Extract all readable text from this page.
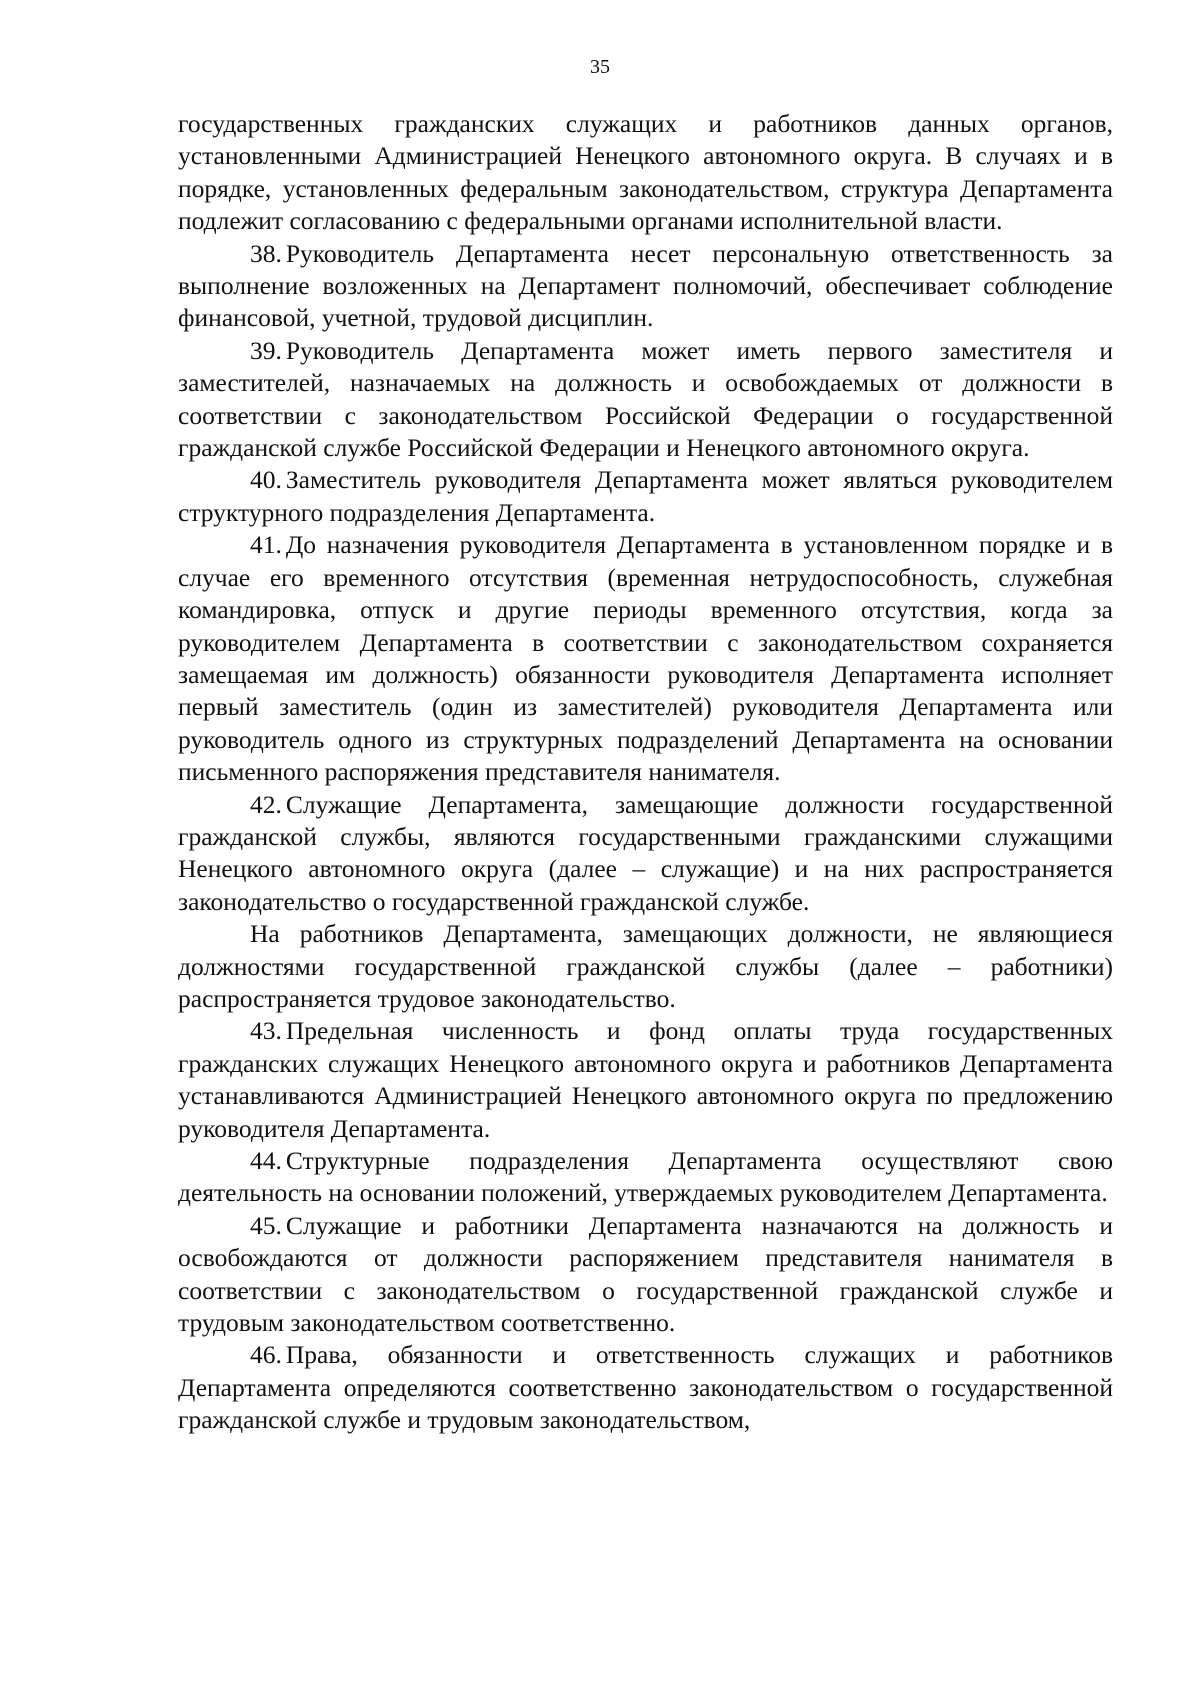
35

государственных гражданских служащих и работников данных органов, установленными Администрацией Ненецкого автономного округа. В случаях и в порядке, установленных федеральным законодательством, структура Департамента подлежит согласованию с федеральными органами исполнительной власти.

38. Руководитель Департамента несет персональную ответственность за выполнение возложенных на Департамент полномочий, обеспечивает соблюдение финансовой, учетной, трудовой дисциплин.

39. Руководитель Департамента может иметь первого заместителя и заместителей, назначаемых на должность и освобождаемых от должности в соответствии с законодательством Российской Федерации о государственной гражданской службе Российской Федерации и Ненецкого автономного округа.

40. Заместитель руководителя Департамента может являться руководителем структурного подразделения Департамента.

41. До назначения руководителя Департамента в установленном порядке и в случае его временного отсутствия (временная нетрудоспособность, служебная командировка, отпуск и другие периоды временного отсутствия, когда за руководителем Департамента в соответствии с законодательством сохраняется замещаемая им должность) обязанности руководителя Департамента исполняет первый заместитель (один из заместителей) руководителя Департамента или руководитель одного из структурных подразделений Департамента на основании письменного распоряжения представителя нанимателя.

42. Служащие Департамента, замещающие должности государственной гражданской службы, являются государственными гражданскими служащими Ненецкого автономного округа (далее – служащие) и на них распространяется законодательство о государственной гражданской службе.

На работников Департамента, замещающих должности, не являющиеся должностями государственной гражданской службы (далее – работники) распространяется трудовое законодательство.

43. Предельная численность и фонд оплаты труда государственных гражданских служащих Ненецкого автономного округа и работников Департамента устанавливаются Администрацией Ненецкого автономного округа по предложению руководителя Департамента.

44. Структурные подразделения Департамента осуществляют свою деятельность на основании положений, утверждаемых руководителем Департамента.

45. Служащие и работники Департамента назначаются на должность и освобождаются от должности распоряжением представителя нанимателя в соответствии с законодательством о государственной гражданской службе и трудовым законодательством соответственно.

46. Права, обязанности и ответственность служащих и работников Департамента определяются соответственно законодательством о государственной гражданской службе и трудовым законодательством,
